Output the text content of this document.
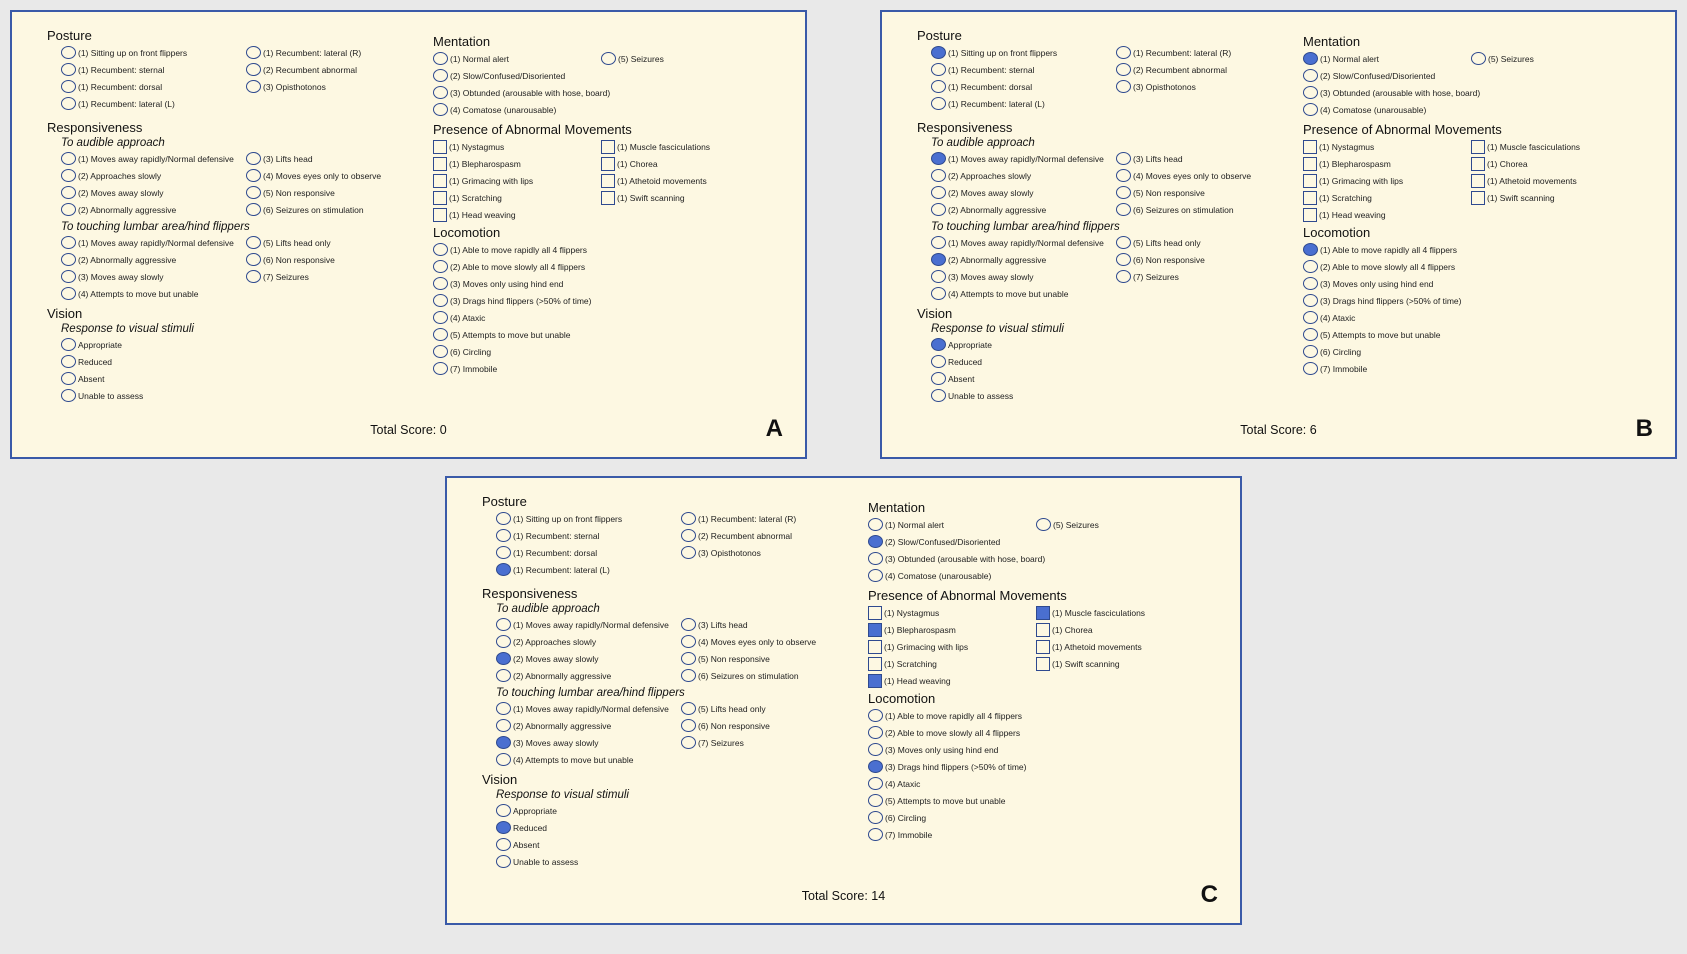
Posture
(1) Sitting up on front flippers	(1) Recumbent: lateral (R)
(1) Recumbent: sternal	(2) Recumbent abnormal
(1) Recumbent: dorsal	(3) Opisthotonos
(1) Recumbent: lateral (L)
Responsiveness
To audible approach
(1) Moves away rapidly/Normal defensive	(3) Lifts head
(2) Approaches slowly	(4) Moves eyes only to observe
(2) Moves away slowly	(5) Non responsive
(2) Abnormally aggressive	(6) Seizures on stimulation
To touching lumbar area/hind flippers
(1) Moves away rapidly/Normal defensive	(5) Lifts head only
(2) Abnormally aggressive	(6) Non responsive
(3) Moves away slowly	(7) Seizures
(4) Attempts to move but unable
Vision
Response to visual stimuli
Appropriate
Reduced
Absent
Unable to assess
Mentation
(1) Normal alert	(5) Seizures
(2) Slow/Confused/Disoriented
(3) Obtunded (arousable with hose, board)
(4) Comatose (unarousable)
Presence of Abnormal Movements
(1) Nystagmus	(1) Muscle fasciculations
(1) Blepharospasm	(1) Chorea
(1) Grimacing with lips	(1) Athetoid movements
(1) Scratching	(1) Swift scanning
(1) Head weaving
Locomotion
(1) Able to move rapidly all 4 flippers
(2) Able to move slowly all 4 flippers
(3) Moves only using hind end
(3) Drags hind flippers (>50% of time)
(4) Ataxic
(5) Attempts to move but unable
(6) Circling
(7) Immobile
Total Score: 0	A
Posture
(1) Sitting up on front flippers	(1) Recumbent: lateral (R)
(1) Recumbent: sternal	(2) Recumbent abnormal
(1) Recumbent: dorsal	(3) Opisthotonos
(1) Recumbent: lateral (L)
Responsiveness
To audible approach
(1) Moves away rapidly/Normal defensive	(3) Lifts head
(2) Approaches slowly	(4) Moves eyes only to observe
(2) Moves away slowly	(5) Non responsive
(2) Abnormally aggressive	(6) Seizures on stimulation
To touching lumbar area/hind flippers
(1) Moves away rapidly/Normal defensive	(5) Lifts head only
(2) Abnormally aggressive	(6) Non responsive
(3) Moves away slowly	(7) Seizures
(4) Attempts to move but unable
Vision
Response to visual stimuli
Appropriate
Reduced
Absent
Unable to assess
Mentation
(1) Normal alert	(5) Seizures
(2) Slow/Confused/Disoriented
(3) Obtunded (arousable with hose, board)
(4) Comatose (unarousable)
Presence of Abnormal Movements
(1) Nystagmus	(1) Muscle fasciculations
(1) Blepharospasm	(1) Chorea
(1) Grimacing with lips	(1) Athetoid movements
(1) Scratching	(1) Swift scanning
(1) Head weaving
Locomotion
(1) Able to move rapidly all 4 flippers
(2) Able to move slowly all 4 flippers
(3) Moves only using hind end
(3) Drags hind flippers (>50% of time)
(4) Ataxic
(5) Attempts to move but unable
(6) Circling
(7) Immobile
Total Score: 6	B
Posture
(1) Sitting up on front flippers	(1) Recumbent: lateral (R)
(1) Recumbent: sternal	(2) Recumbent abnormal
(1) Recumbent: dorsal	(3) Opisthotonos
(1) Recumbent: lateral (L)
Responsiveness
To audible approach
(1) Moves away rapidly/Normal defensive	(3) Lifts head
(2) Approaches slowly	(4) Moves eyes only to observe
(2) Moves away slowly	(5) Non responsive
(2) Abnormally aggressive	(6) Seizures on stimulation
To touching lumbar area/hind flippers
(1) Moves away rapidly/Normal defensive	(5) Lifts head only
(2) Abnormally aggressive	(6) Non responsive
(3) Moves away slowly	(7) Seizures
(4) Attempts to move but unable
Vision
Response to visual stimuli
Appropriate
Reduced
Absent
Unable to assess
Mentation
(1) Normal alert	(5) Seizures
(2) Slow/Confused/Disoriented
(3) Obtunded (arousable with hose, board)
(4) Comatose (unarousable)
Presence of Abnormal Movements
(1) Nystagmus	(1) Muscle fasciculations
(1) Blepharospasm	(1) Chorea
(1) Grimacing with lips	(1) Athetoid movements
(1) Scratching	(1) Swift scanning
(1) Head weaving
Locomotion
(1) Able to move rapidly all 4 flippers
(2) Able to move slowly all 4 flippers
(3) Moves only using hind end
(3) Drags hind flippers (>50% of time)
(4) Ataxic
(5) Attempts to move but unable
(6) Circling
(7) Immobile
Total Score: 14	C
